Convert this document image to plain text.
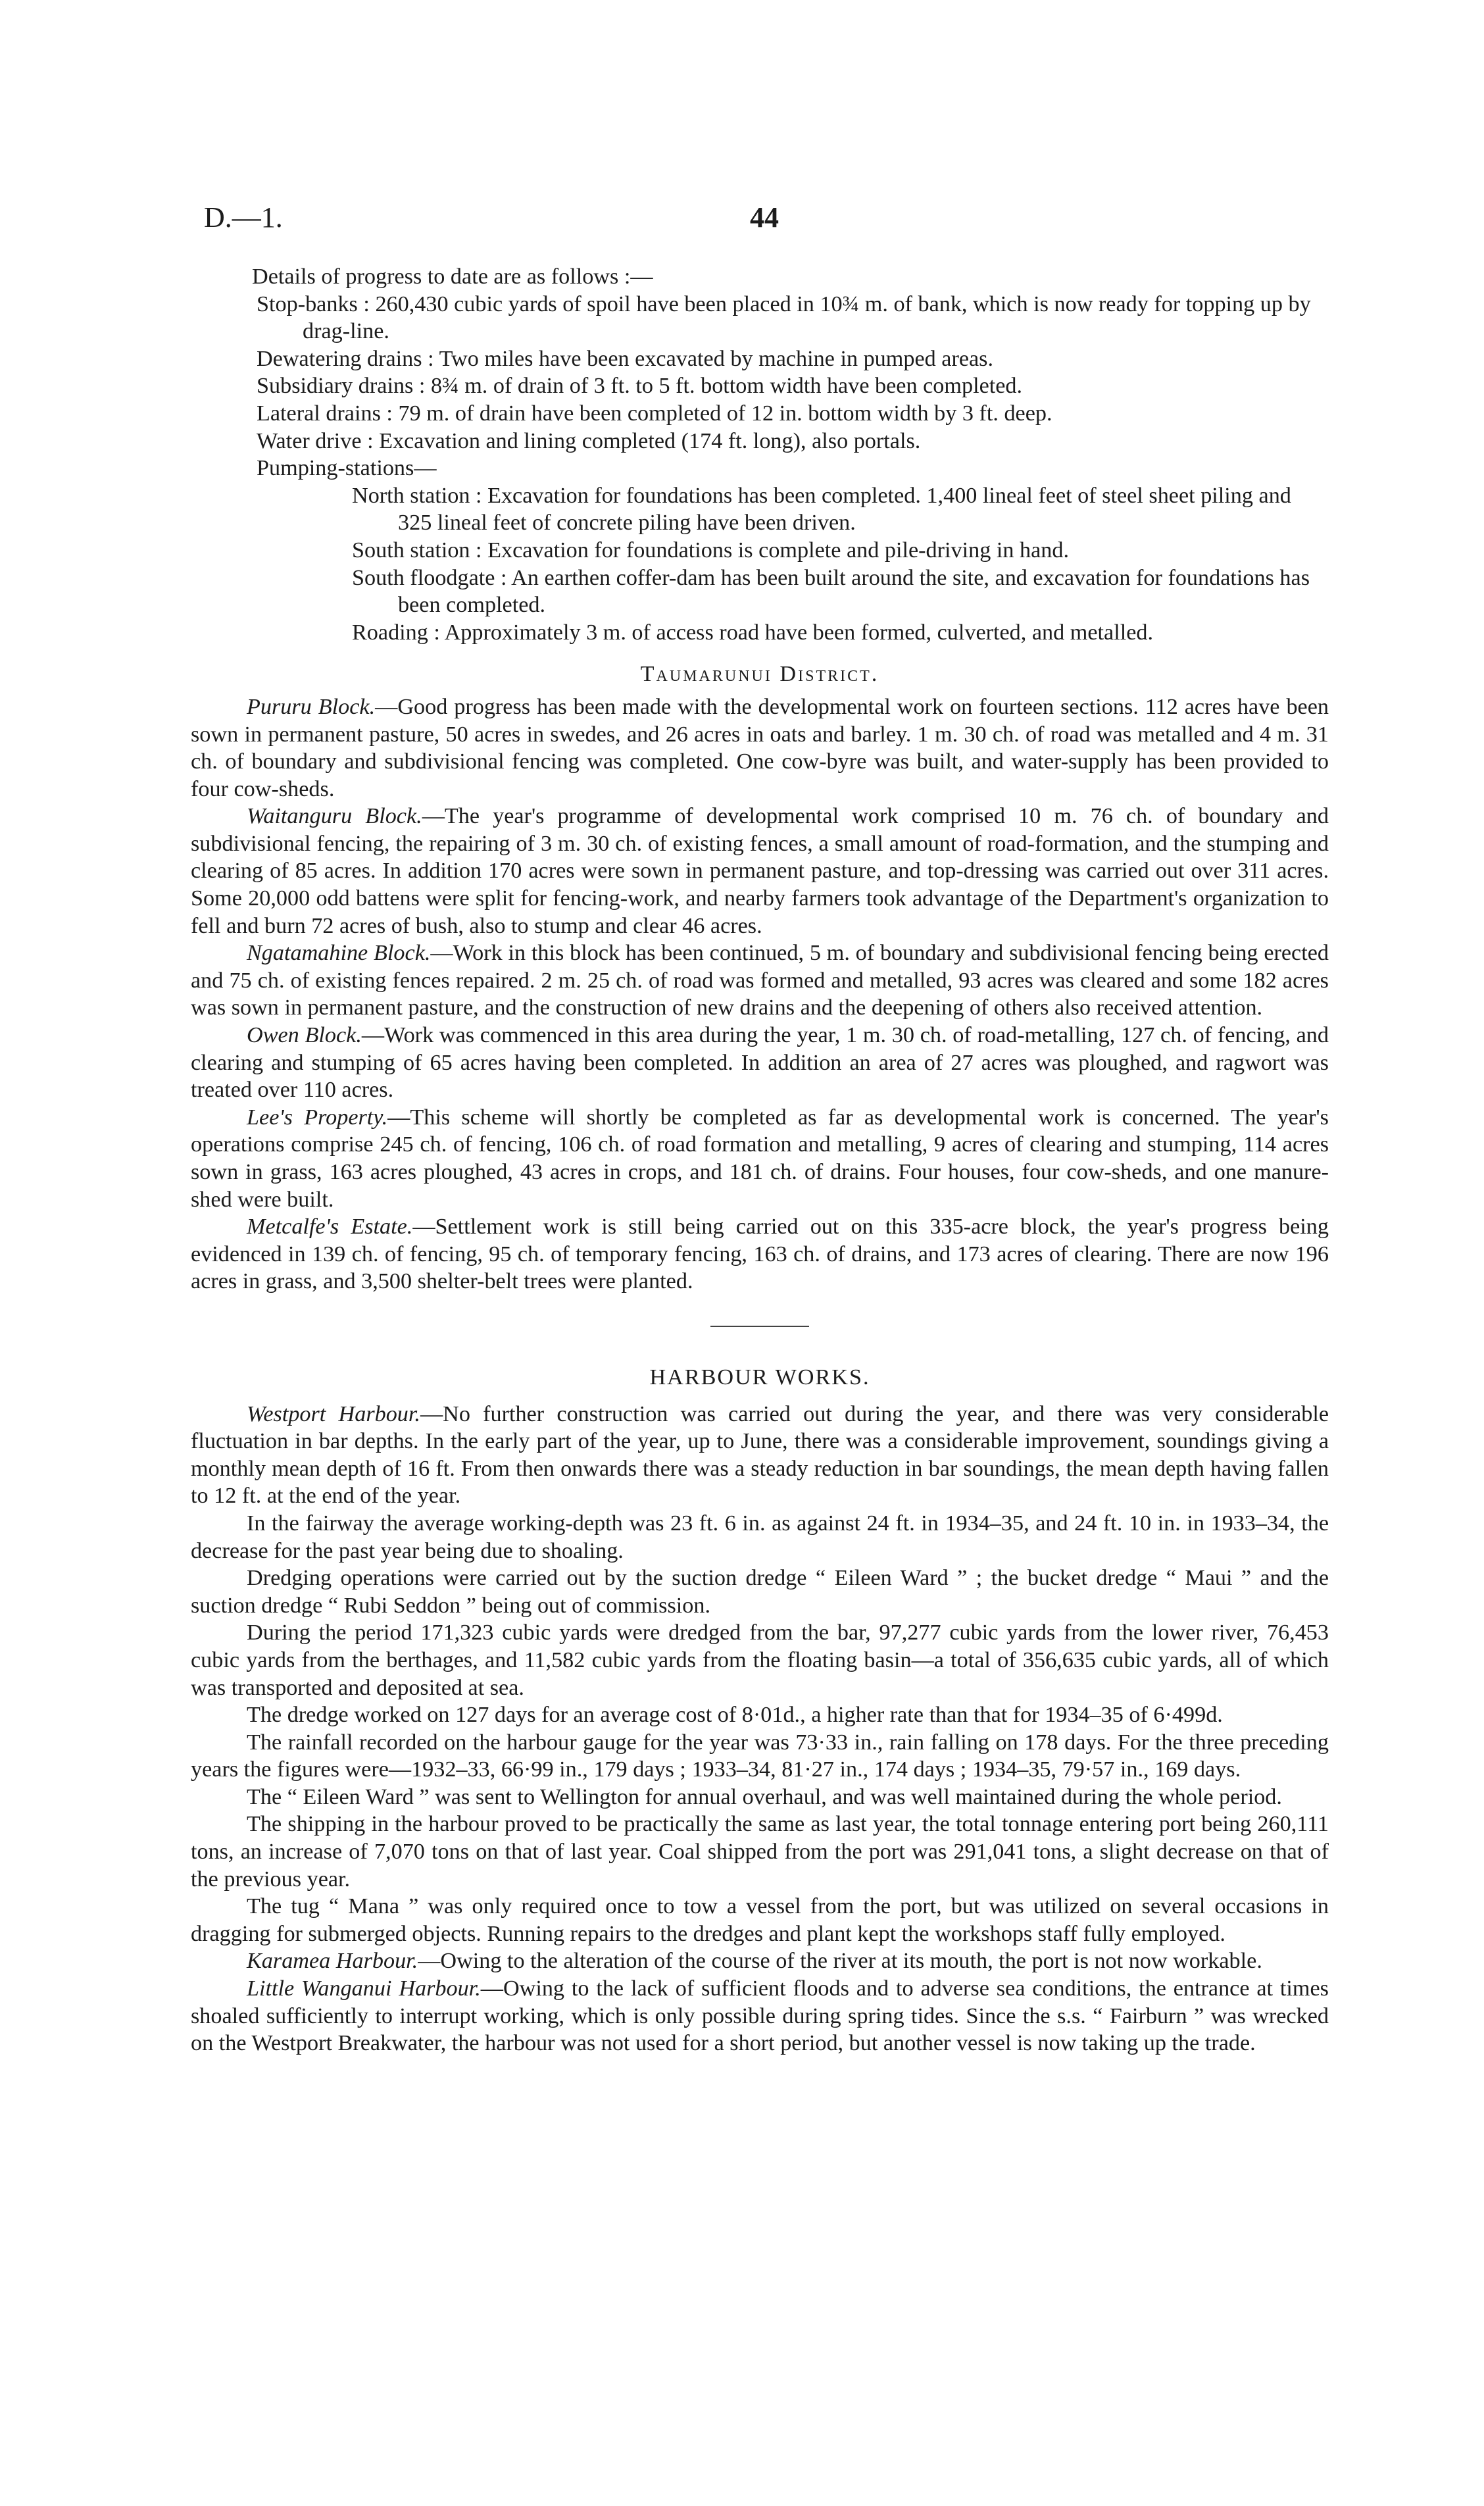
D.—1.	44

Details of progress to date are as follows :—

Stop-banks : 260,430 cubic yards of spoil have been placed in 10¾ m. of bank, which is now ready for topping up by drag-line.

Dewatering drains : Two miles have been excavated by machine in pumped areas.

Subsidiary drains : 8¾ m. of drain of 3 ft. to 5 ft. bottom width have been completed.

Lateral drains : 79 m. of drain have been completed of 12 in. bottom width by 3 ft. deep.

Water drive : Excavation and lining completed (174 ft. long), also portals.

Pumping-stations—

North station : Excavation for foundations has been completed. 1,400 lineal feet of steel sheet piling and 325 lineal feet of concrete piling have been driven.

South station : Excavation for foundations is complete and pile-driving in hand.

South floodgate : An earthen coffer-dam has been built around the site, and excavation for foundations has been completed.

Roading : Approximately 3 m. of access road have been formed, culverted, and metalled.

Taumarunui District.

Pururu Block.—Good progress has been made with the developmental work on fourteen sections. 112 acres have been sown in permanent pasture, 50 acres in swedes, and 26 acres in oats and barley. 1 m. 30 ch. of road was metalled and 4 m. 31 ch. of boundary and subdivisional fencing was completed. One cow-byre was built, and water-supply has been provided to four cow-sheds.

Waitanguru Block.—The year's programme of developmental work comprised 10 m. 76 ch. of boundary and subdivisional fencing, the repairing of 3 m. 30 ch. of existing fences, a small amount of road-formation, and the stumping and clearing of 85 acres. In addition 170 acres were sown in permanent pasture, and top-dressing was carried out over 311 acres. Some 20,000 odd battens were split for fencing-work, and nearby farmers took advantage of the Department's organization to fell and burn 72 acres of bush, also to stump and clear 46 acres.

Ngatamahine Block.—Work in this block has been continued, 5 m. of boundary and subdivisional fencing being erected and 75 ch. of existing fences repaired. 2 m. 25 ch. of road was formed and metalled, 93 acres was cleared and some 182 acres was sown in permanent pasture, and the construction of new drains and the deepening of others also received attention.

Owen Block.—Work was commenced in this area during the year, 1 m. 30 ch. of road-metalling, 127 ch. of fencing, and clearing and stumping of 65 acres having been completed. In addition an area of 27 acres was ploughed, and ragwort was treated over 110 acres.

Lee's Property.—This scheme will shortly be completed as far as developmental work is concerned. The year's operations comprise 245 ch. of fencing, 106 ch. of road formation and metalling, 9 acres of clearing and stumping, 114 acres sown in grass, 163 acres ploughed, 43 acres in crops, and 181 ch. of drains. Four houses, four cow-sheds, and one manure-shed were built.

Metcalfe's Estate.—Settlement work is still being carried out on this 335-acre block, the year's progress being evidenced in 139 ch. of fencing, 95 ch. of temporary fencing, 163 ch. of drains, and 173 acres of clearing. There are now 196 acres in grass, and 3,500 shelter-belt trees were planted.

HARBOUR WORKS.

Westport Harbour.—No further construction was carried out during the year, and there was very considerable fluctuation in bar depths. In the early part of the year, up to June, there was a considerable improvement, soundings giving a monthly mean depth of 16 ft. From then onwards there was a steady reduction in bar soundings, the mean depth having fallen to 12 ft. at the end of the year.

In the fairway the average working-depth was 23 ft. 6 in. as against 24 ft. in 1934–35, and 24 ft. 10 in. in 1933–34, the decrease for the past year being due to shoaling.

Dredging operations were carried out by the suction dredge “ Eileen Ward ” ; the bucket dredge “ Maui ” and the suction dredge “ Rubi Seddon ” being out of commission.

During the period 171,323 cubic yards were dredged from the bar, 97,277 cubic yards from the lower river, 76,453 cubic yards from the berthages, and 11,582 cubic yards from the floating basin—a total of 356,635 cubic yards, all of which was transported and deposited at sea.

The dredge worked on 127 days for an average cost of 8·01d., a higher rate than that for 1934–35 of 6·499d.

The rainfall recorded on the harbour gauge for the year was 73·33 in., rain falling on 178 days. For the three preceding years the figures were—1932–33, 66·99 in., 179 days ; 1933–34, 81·27 in., 174 days ; 1934–35, 79·57 in., 169 days.

The “ Eileen Ward ” was sent to Wellington for annual overhaul, and was well maintained during the whole period.

The shipping in the harbour proved to be practically the same as last year, the total tonnage entering port being 260,111 tons, an increase of 7,070 tons on that of last year. Coal shipped from the port was 291,041 tons, a slight decrease on that of the previous year.

The tug “ Mana ” was only required once to tow a vessel from the port, but was utilized on several occasions in dragging for submerged objects. Running repairs to the dredges and plant kept the workshops staff fully employed.

Karamea Harbour.—Owing to the alteration of the course of the river at its mouth, the port is not now workable.

Little Wanganui Harbour.—Owing to the lack of sufficient floods and to adverse sea conditions, the entrance at times shoaled sufficiently to interrupt working, which is only possible during spring tides. Since the s.s. “ Fairburn ” was wrecked on the Westport Breakwater, the harbour was not used for a short period, but another vessel is now taking up the trade.
